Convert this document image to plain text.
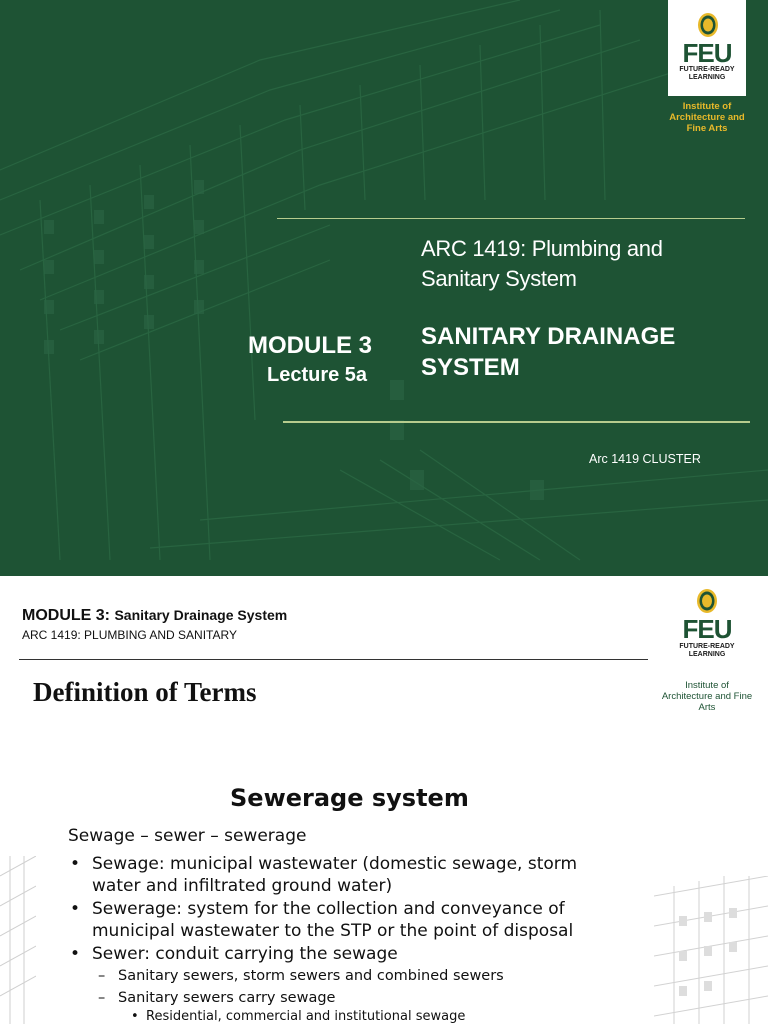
FEU
FUTURE-READY LEARNING
Institute of Architecture and Fine Arts
ARC 1419: Plumbing and Sanitary System
MODULE 3
Lecture 5a
SANITARY DRAINAGE SYSTEM
Arc 1419 CLUSTER
MODULE 3: Sanitary Drainage System
ARC 1419: PLUMBING AND SANITARY	FEU
FUTURE-READY LEARNING
Institute of Architecture and Fine Arts
Definition of Terms
Sewerage system
Sewage – sewer – sewerage
• Sewage: municipal wastewater (domestic sewage, storm water and infiltrated ground water)
• Sewerage: system for the collection and conveyance of municipal wastewater to the STP or the point of disposal
• Sewer: conduit carrying the sewage
– Sanitary sewers, storm sewers and combined sewers
– Sanitary sewers carry sewage
• Residential, commercial and institutional sewage
